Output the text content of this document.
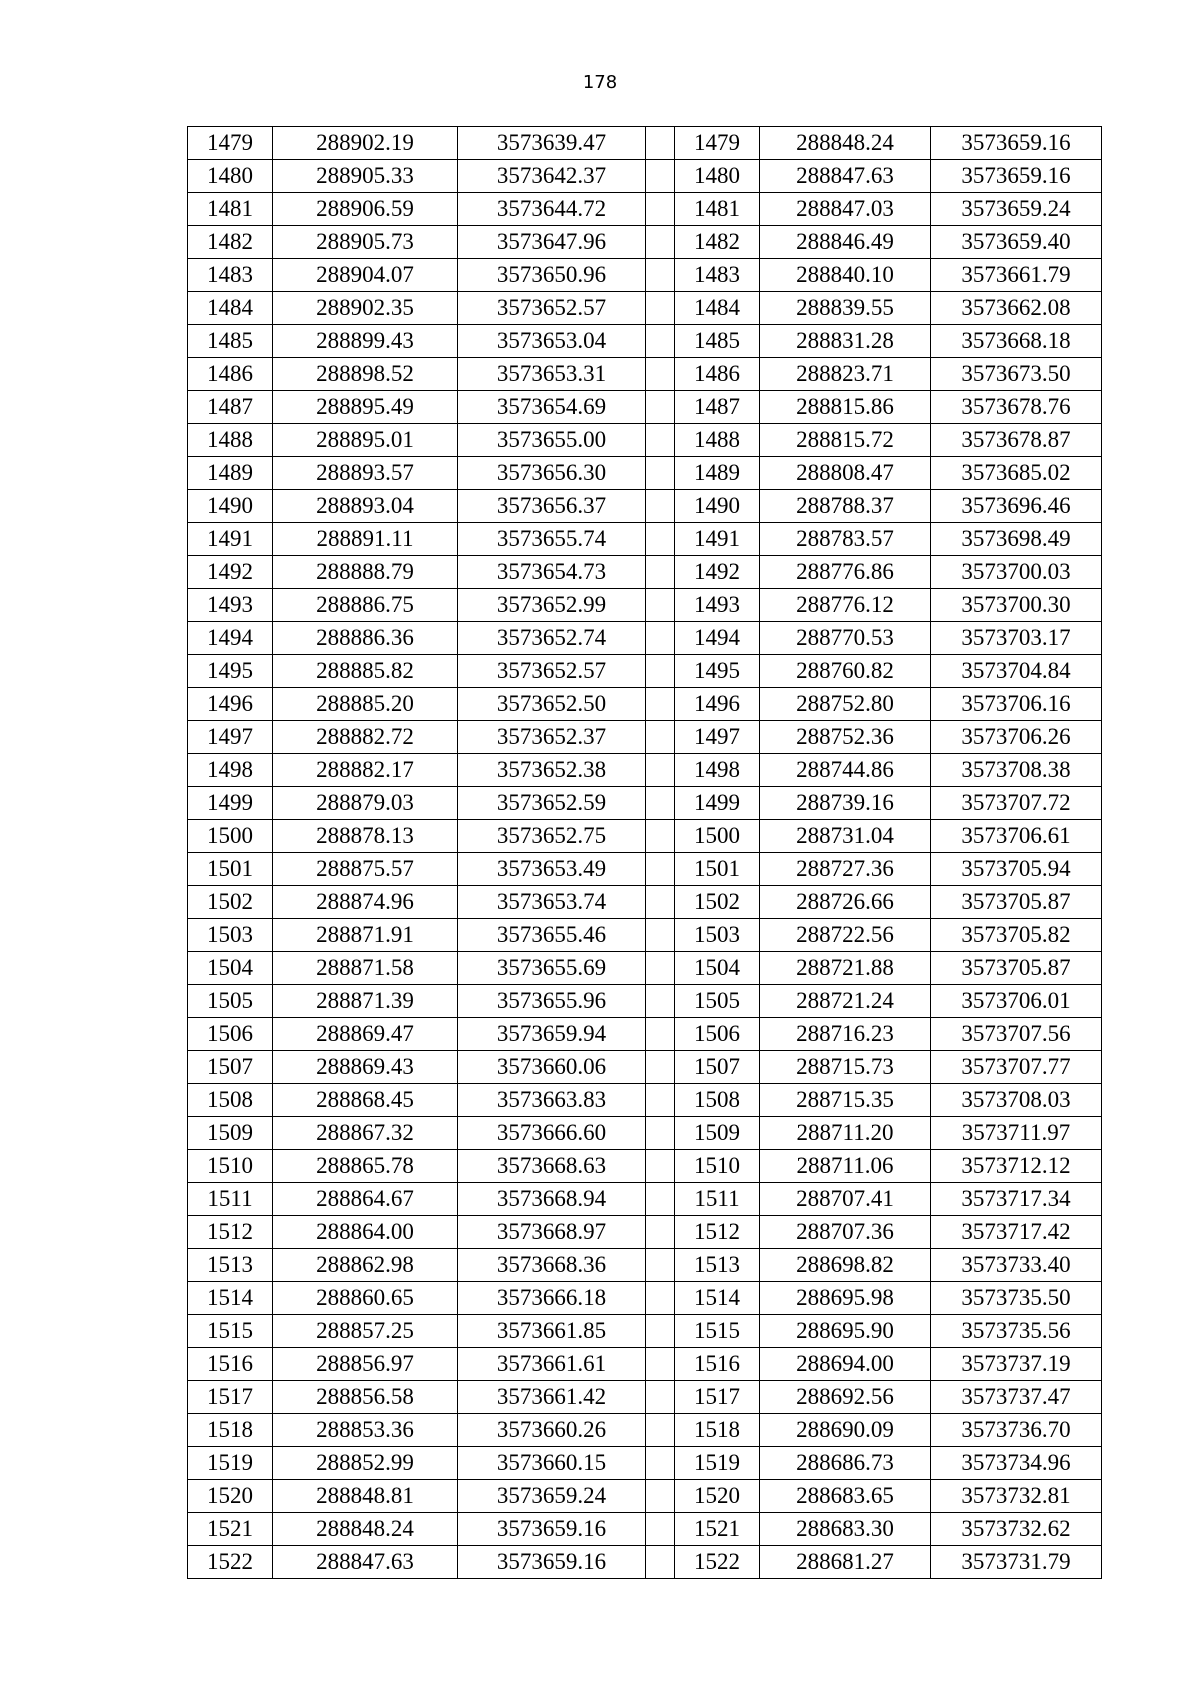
178
1479	288902.19	3573639.47		1479	288848.24	3573659.16
1480	288905.33	3573642.37		1480	288847.63	3573659.16
1481	288906.59	3573644.72		1481	288847.03	3573659.24
1482	288905.73	3573647.96		1482	288846.49	3573659.40
1483	288904.07	3573650.96		1483	288840.10	3573661.79
1484	288902.35	3573652.57		1484	288839.55	3573662.08
1485	288899.43	3573653.04		1485	288831.28	3573668.18
1486	288898.52	3573653.31		1486	288823.71	3573673.50
1487	288895.49	3573654.69		1487	288815.86	3573678.76
1488	288895.01	3573655.00		1488	288815.72	3573678.87
1489	288893.57	3573656.30		1489	288808.47	3573685.02
1490	288893.04	3573656.37		1490	288788.37	3573696.46
1491	288891.11	3573655.74		1491	288783.57	3573698.49
1492	288888.79	3573654.73		1492	288776.86	3573700.03
1493	288886.75	3573652.99		1493	288776.12	3573700.30
1494	288886.36	3573652.74		1494	288770.53	3573703.17
1495	288885.82	3573652.57		1495	288760.82	3573704.84
1496	288885.20	3573652.50		1496	288752.80	3573706.16
1497	288882.72	3573652.37		1497	288752.36	3573706.26
1498	288882.17	3573652.38		1498	288744.86	3573708.38
1499	288879.03	3573652.59		1499	288739.16	3573707.72
1500	288878.13	3573652.75		1500	288731.04	3573706.61
1501	288875.57	3573653.49		1501	288727.36	3573705.94
1502	288874.96	3573653.74		1502	288726.66	3573705.87
1503	288871.91	3573655.46		1503	288722.56	3573705.82
1504	288871.58	3573655.69		1504	288721.88	3573705.87
1505	288871.39	3573655.96		1505	288721.24	3573706.01
1506	288869.47	3573659.94		1506	288716.23	3573707.56
1507	288869.43	3573660.06		1507	288715.73	3573707.77
1508	288868.45	3573663.83		1508	288715.35	3573708.03
1509	288867.32	3573666.60		1509	288711.20	3573711.97
1510	288865.78	3573668.63		1510	288711.06	3573712.12
1511	288864.67	3573668.94		1511	288707.41	3573717.34
1512	288864.00	3573668.97		1512	288707.36	3573717.42
1513	288862.98	3573668.36		1513	288698.82	3573733.40
1514	288860.65	3573666.18		1514	288695.98	3573735.50
1515	288857.25	3573661.85		1515	288695.90	3573735.56
1516	288856.97	3573661.61		1516	288694.00	3573737.19
1517	288856.58	3573661.42		1517	288692.56	3573737.47
1518	288853.36	3573660.26		1518	288690.09	3573736.70
1519	288852.99	3573660.15		1519	288686.73	3573734.96
1520	288848.81	3573659.24		1520	288683.65	3573732.81
1521	288848.24	3573659.16		1521	288683.30	3573732.62
1522	288847.63	3573659.16		1522	288681.27	3573731.79
